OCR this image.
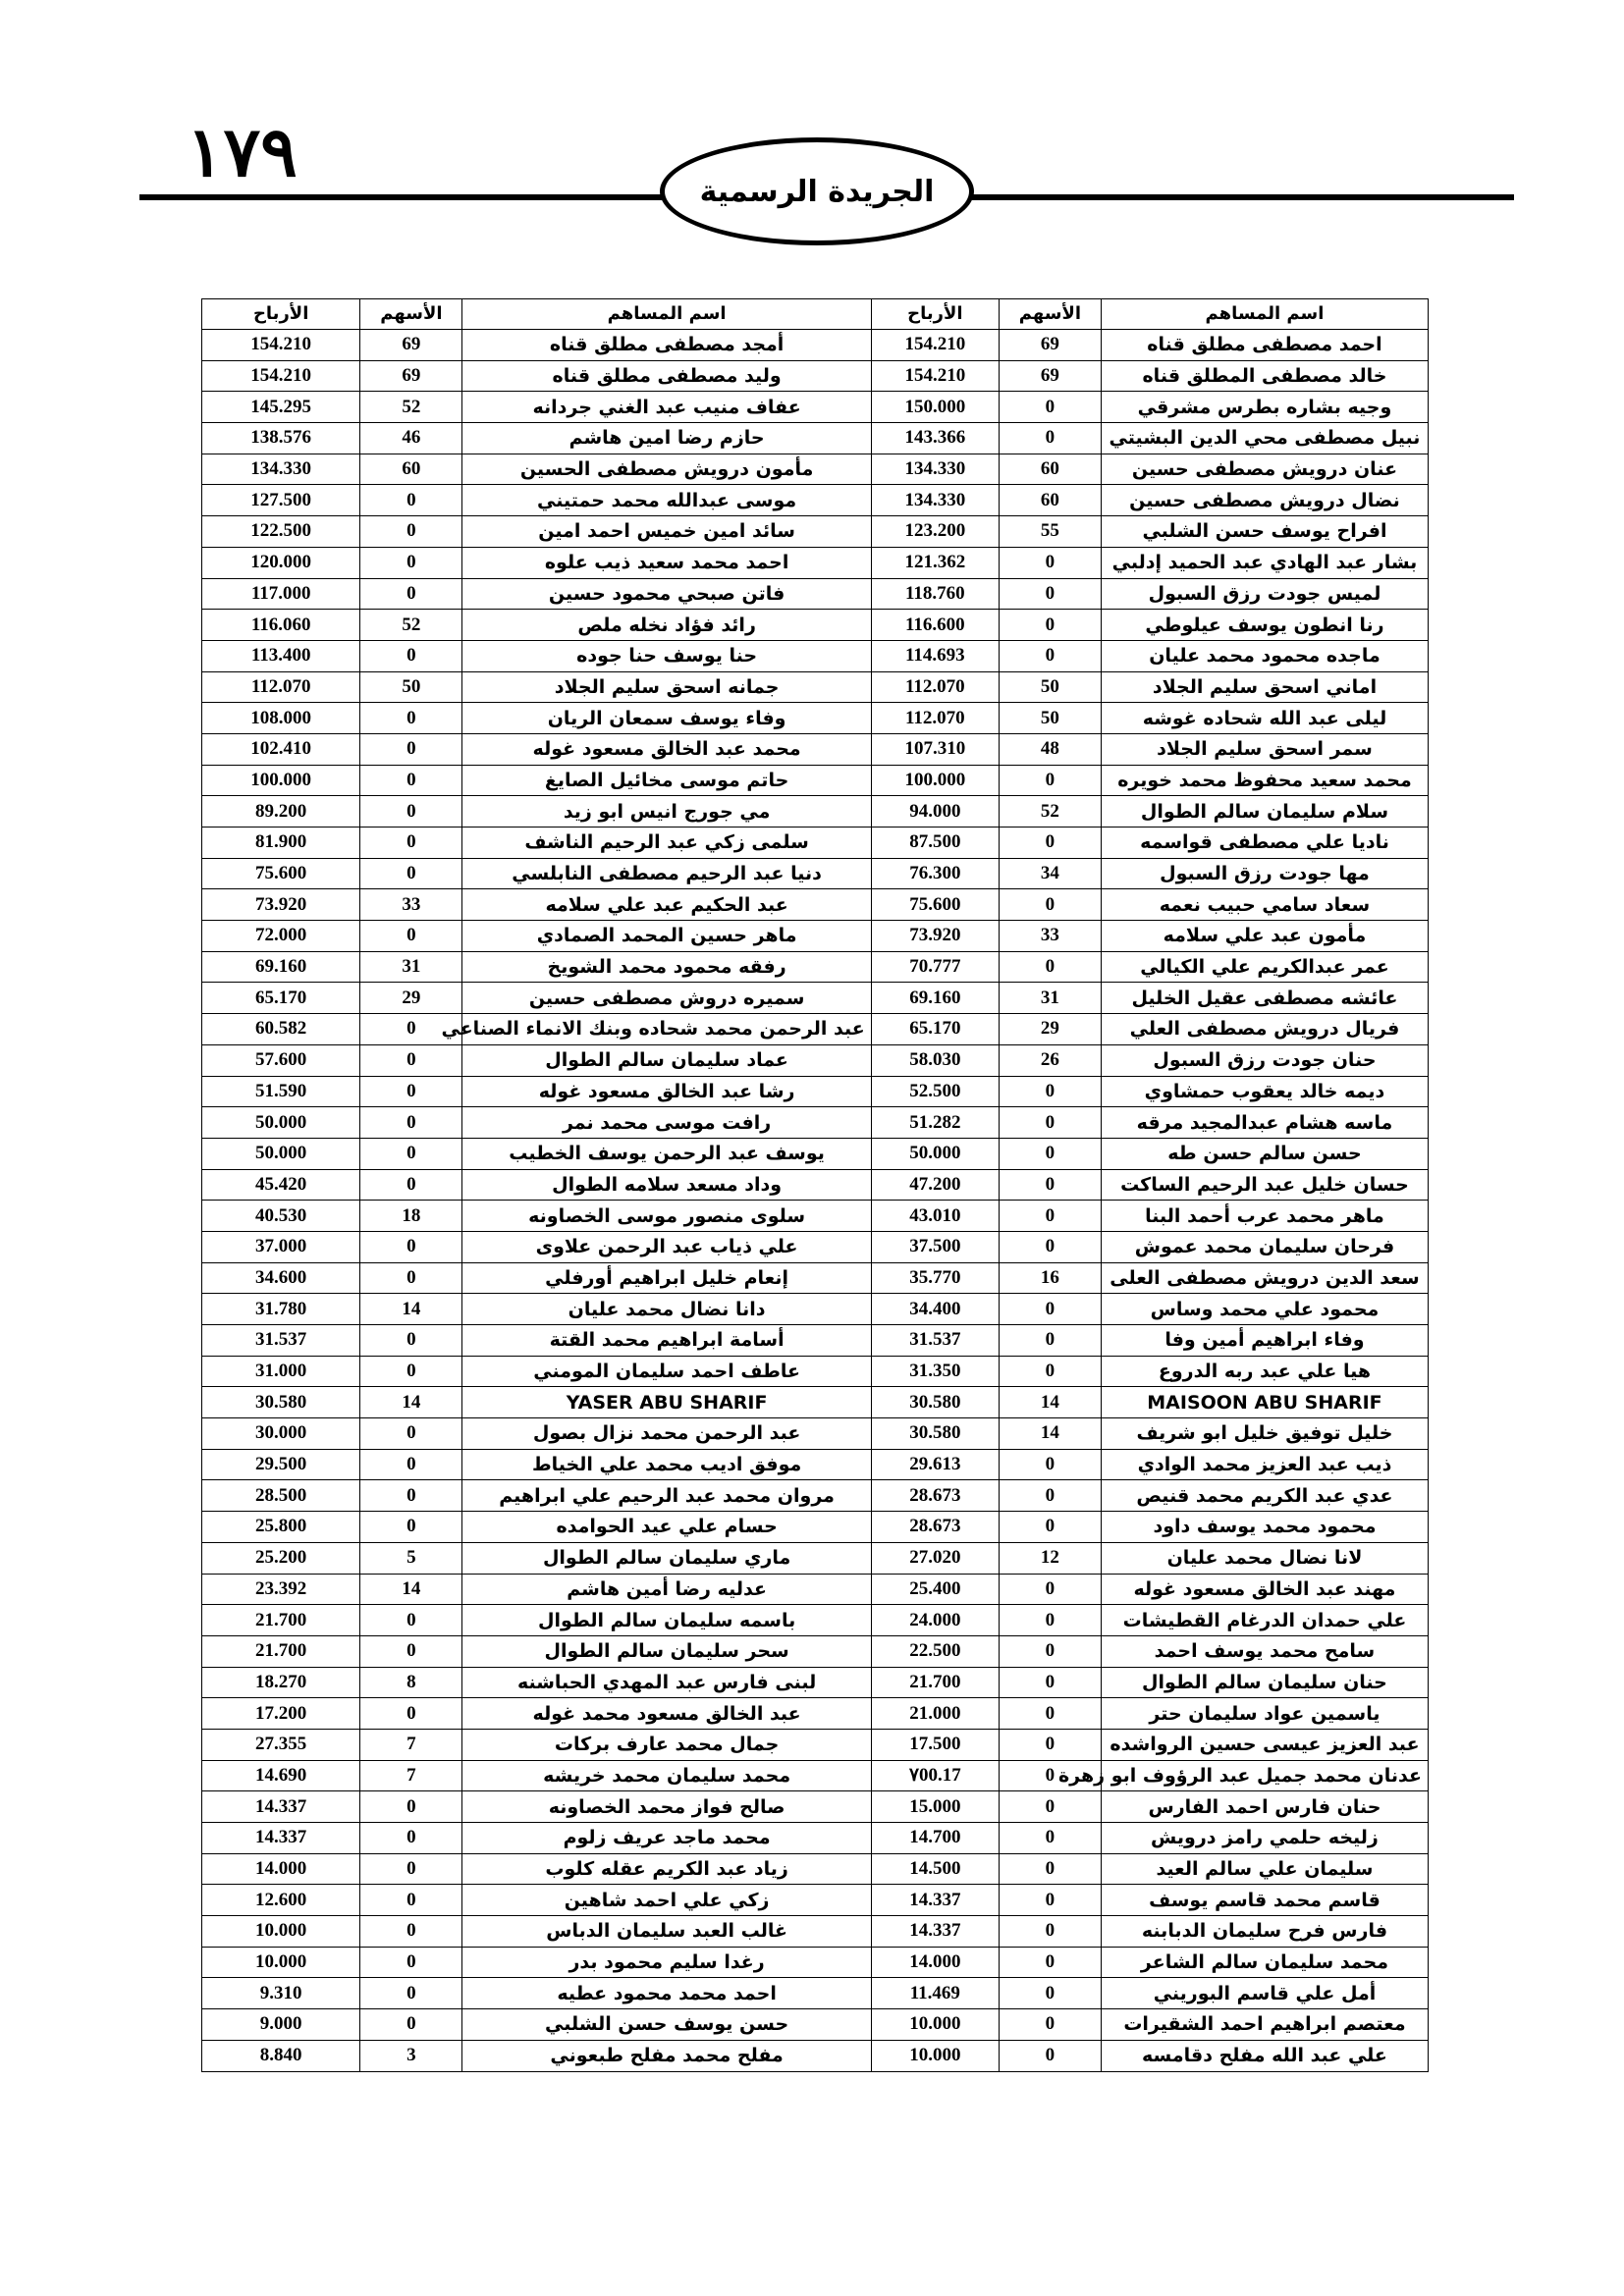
١٧٩	الجريدة الرسمية
اسم المساهم	الأسهم	الأرباح	اسم المساهم	الأسهم	الأرباح
احمد مصطفى مطلق قناه	69	154.210	أمجد مصطفى مطلق قناه	69	154.210
خالد مصطفى المطلق قناه	69	154.210	وليد مصطفى مطلق قناه	69	154.210
وجيه بشاره بطرس مشرقي	0	150.000	عفاف منيب عبد الغني جردانه	52	145.295
نبيل مصطفى محي الدين البشيتي	0	143.366	حازم رضا امين هاشم	46	138.576
عنان درويش مصطفى حسين	60	134.330	مأمون درويش مصطفى الحسين	60	134.330
نضال درويش مصطفى حسين	60	134.330	موسى عبدالله محمد حمتيني	0	127.500
افراح يوسف حسن الشلبي	55	123.200	سائد امين خميس احمد امين	0	122.500
بشار عبد الهادي عبد الحميد إدلبي	0	121.362	احمد محمد سعيد ذيب علوه	0	120.000
لميس جودت رزق السبول	0	118.760	فاتن صبحي محمود حسين	0	117.000
رنا انطون يوسف عيلوطي	0	116.600	رائد فؤاد نخله ملص	52	116.060
ماجده محمود محمد عليان	0	114.693	حنا يوسف حنا جوده	0	113.400
اماني اسحق سليم الجلاد	50	112.070	جمانه اسحق سليم الجلاد	50	112.070
ليلى عبد الله شحاده غوشه	50	112.070	وفاء يوسف سمعان الريان	0	108.000
سمر اسحق سليم الجلاد	48	107.310	محمد عبد الخالق مسعود غوله	0	102.410
محمد سعيد محفوظ محمد خويره	0	100.000	حاتم موسى مخائيل الصايغ	0	100.000
سلام سليمان سالم الطوال	52	94.000	مي جورج انيس ابو زيد	0	89.200
ناديا علي مصطفى قواسمه	0	87.500	سلمى زكي عبد الرحيم الناشف	0	81.900
مها جودت رزق السبول	34	76.300	دنيا عبد الرحيم مصطفى النابلسي	0	75.600
سعاد سامي حبيب نعمه	0	75.600	عبد الحكيم عبد علي سلامه	33	73.920
مأمون عبد علي سلامه	33	73.920	ماهر حسين المحمد الصمادي	0	72.000
عمر عبدالكريم علي الكيالي	0	70.777	رفقه محمود محمد الشويخ	31	69.160
عائشه مصطفى عقيل الخليل	31	69.160	سميره دروش مصطفى حسين	29	65.170
فريال درويش مصطفى العلي	29	65.170	عبد الرحمن محمد شحاده وبنك الانماء الصناعي	0	60.582
حنان جودت رزق السبول	26	58.030	عماد سليمان سالم الطوال	0	57.600
ديمه خالد يعقوب حمشاوي	0	52.500	رشا عبد الخالق مسعود غوله	0	51.590
ماسه هشام عبدالمجيد مرقه	0	51.282	رافت موسى محمد نمر	0	50.000
حسن سالم حسن طه	0	50.000	يوسف عبد الرحمن يوسف الخطيب	0	50.000
حسان خليل عبد الرحيم الساكت	0	47.200	وداد مسعد سلامه الطوال	0	45.420
ماهر محمد عرب أحمد البنا	0	43.010	سلوى منصور موسى الخصاونه	18	40.530
فرحان سليمان محمد عموش	0	37.500	علي ذياب عبد الرحمن علاوى	0	37.000
سعد الدين درويش مصطفى العلى	16	35.770	إنعام خليل ابراهيم أورفلي	0	34.600
محمود علي محمد وساس	0	34.400	دانا نضال محمد عليان	14	31.780
وفاء ابراهيم أمين وفا	0	31.537	أسامة ابراهيم محمد القتة	0	31.537
هيا علي عبد ربه الدروع	0	31.350	عاطف احمد سليمان المومني	0	31.000
MAISOON ABU SHARIF	14	30.580	YASER ABU SHARIF	14	30.580
خليل توفيق خليل ابو شريف	14	30.580	عبد الرحمن محمد نزال بصول	0	30.000
ذيب عبد العزيز محمد الوادي	0	29.613	موفق اديب محمد علي الخياط	0	29.500
عدي عبد الكريم محمد قنيص	0	28.673	مروان محمد عبد الرحيم علي ابراهيم	0	28.500
محمود محمد يوسف داود	0	28.673	حسام علي عيد الحوامده	0	25.800
لانا نضال محمد عليان	12	27.020	ماري سليمان سالم الطوال	5	25.200
مهند عبد الخالق مسعود غوله	0	25.400	عدليه رضا أمين هاشم	14	23.392
علي حمدان الدرغام القطيشات	0	24.000	باسمه سليمان سالم الطوال	0	21.700
سامح محمد يوسف احمد	0	22.500	سحر سليمان سالم الطوال	0	21.700
حنان سليمان سالم الطوال	0	21.700	لبنى فارس عبد المهدي الحباشنه	8	18.270
ياسمين عواد سليمان حتر	0	21.000	عبد الخالق مسعود محمد غوله	0	17.200
عبد العزيز عيسى حسين الرواشده	0	17.500	جمال محمد عارف بركات	7	27.355
عدنان محمد جميل عبد الرؤوف ابو زهرة	0	17.٧00	محمد سليمان محمد خريشه	7	14.690
حنان فارس احمد الفارس	0	15.000	صالح فواز محمد الخصاونه	0	14.337
زليخه حلمي رامز درويش	0	14.700	محمد ماجد عريف زلوم	0	14.337
سليمان علي سالم العيد	0	14.500	زياد عبد الكريم عقله كلوب	0	14.000
قاسم محمد قاسم يوسف	0	14.337	زكي علي احمد شاهين	0	12.600
فارس فرح سليمان الدبابنه	0	14.337	غالب العبد سليمان الدباس	0	10.000
محمد سليمان سالم الشاعر	0	14.000	رغدا سليم محمود بدر	0	10.000
أمل علي قاسم البوريني	0	11.469	احمد محمد محمود عطيه	0	9.310
معتصم ابراهيم احمد الشقيرات	0	10.000	حسن يوسف حسن الشلبي	0	9.000
علي عبد الله مفلح دقامسه	0	10.000	مفلح محمد مفلح طبعوني	3	8.840
